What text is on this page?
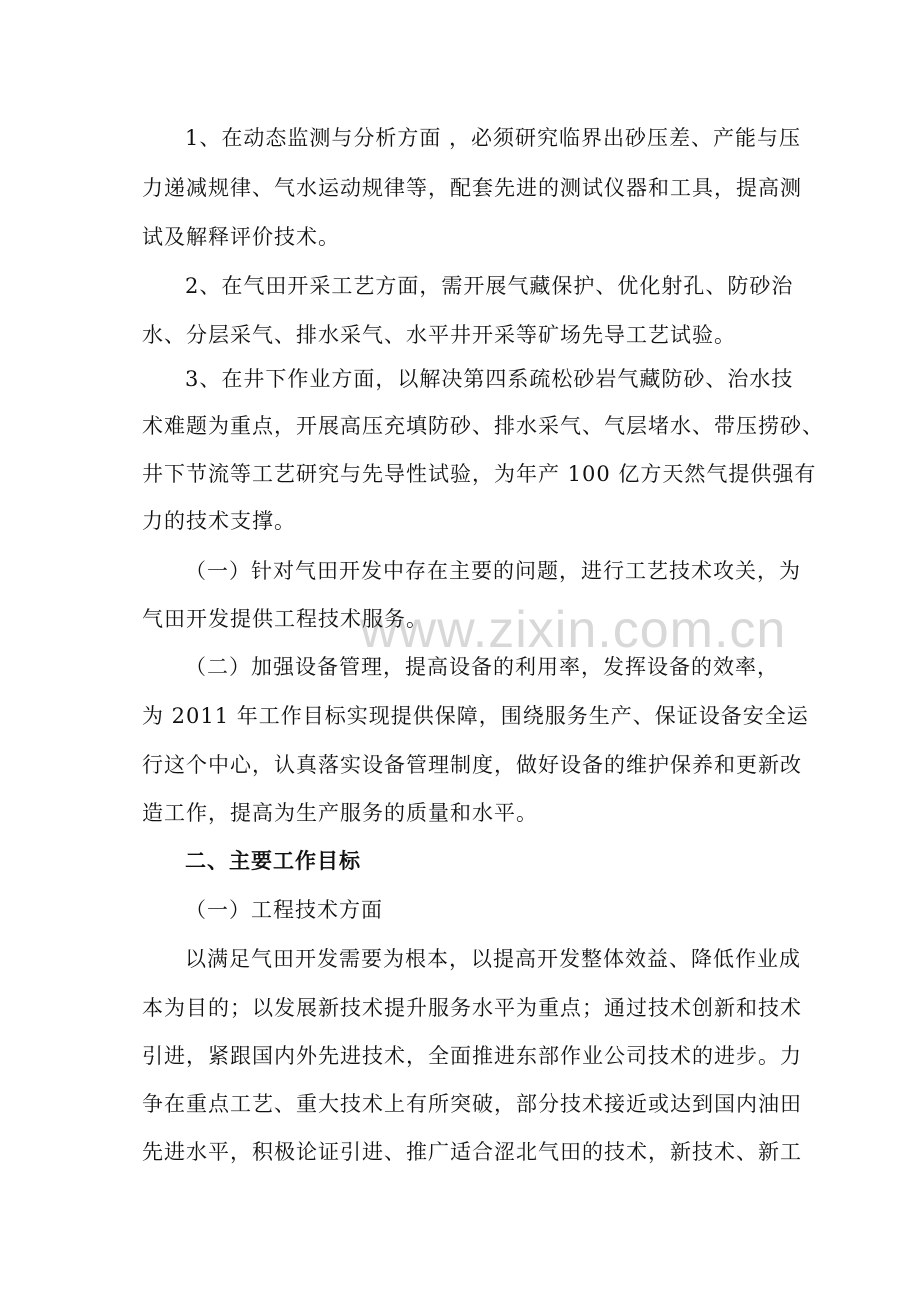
www.zixin.com.cn
1、在动态监测与分析方面 ，必须研究临界出砂压差、产能与压
力递减规律、气水运动规律等，配套先进的测试仪器和工具，提高测
试及解释评价技术。
2、在气田开采工艺方面，需开展气藏保护、优化射孔、防砂治
水、分层采气、排水采气、水平井开采等矿场先导工艺试验。
3、在井下作业方面，以解决第四系疏松砂岩气藏防砂、治水技
术难题为重点，开展高压充填防砂、排水采气、气层堵水、带压捞砂、
井下节流等工艺研究与先导性试验，为年产 100 亿方天然气提供强有
力的技术支撑。
（一）针对气田开发中存在主要的问题，进行工艺技术攻关，为
气田开发提供工程技术服务。
（二）加强设备管理，提高设备的利用率，发挥设备的效率，
为 2011 年工作目标实现提供保障，围绕服务生产、保证设备安全运
行这个中心，认真落实设备管理制度，做好设备的维护保养和更新改
造工作，提高为生产服务的质量和水平。
二、主要工作目标
（一）工程技术方面
以满足气田开发需要为根本，以提高开发整体效益、降低作业成
本为目的；以发展新技术提升服务水平为重点；通过技术创新和技术
引进，紧跟国内外先进技术，全面推进东部作业公司技术的进步。力
争在重点工艺、重大技术上有所突破，部分技术接近或达到国内油田
先进水平，积极论证引进、推广适合涩北气田的技术，新技术、新工
